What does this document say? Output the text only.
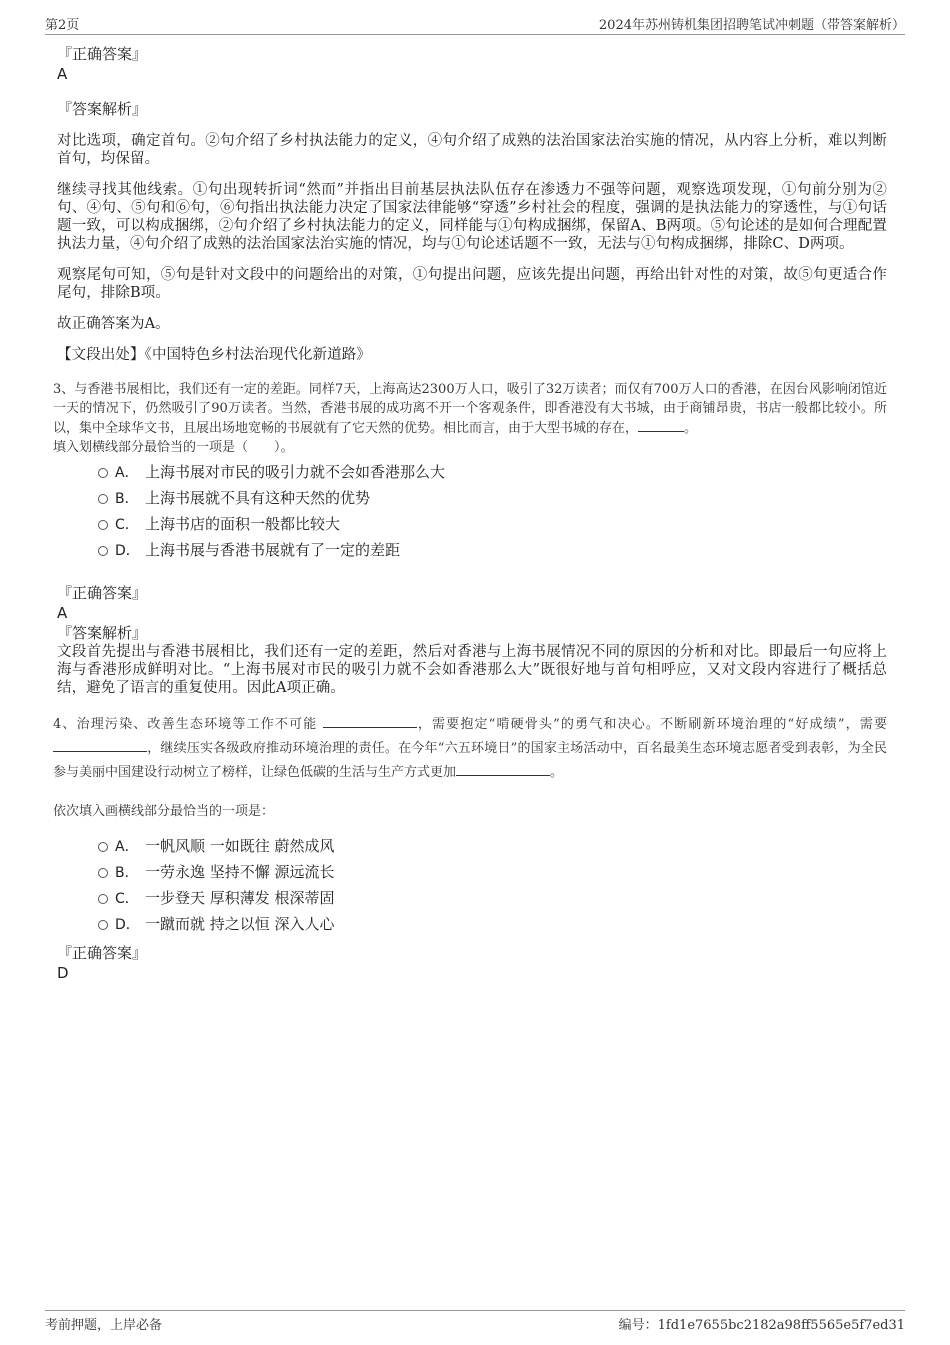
第2页	2024年苏州铸机集团招聘笔试冲刺题（带答案解析）

『正确答案』

A

『答案解析』

对比选项，确定首句。②句介绍了乡村执法能力的定义，④句介绍了成熟的法治国家法治实施的情况，从内容上分析，难以判断首句，均保留。

继续寻找其他线索。①句出现转折词“然而”并指出目前基层执法队伍存在渗透力不强等问题，观察选项发现，①句前分别为②句、④句、⑤句和⑥句，⑥句指出执法能力决定了国家法律能够“穿透”乡村社会的程度，强调的是执法能力的穿透性，与①句话题一致，可以构成捆绑，②句介绍了乡村执法能力的定义，同样能与①句构成捆绑，保留A、B两项。⑤句论述的是如何合理配置执法力量，④句介绍了成熟的法治国家法治实施的情况，均与①句论述话题不一致，无法与①句构成捆绑，排除C、D两项。

观察尾句可知，⑤句是针对文段中的问题给出的对策，①句提出问题，应该先提出问题，再给出针对性的对策，故⑤句更适合作尾句，排除B项。

故正确答案为A。

【文段出处】《中国特色乡村法治现代化新道路》

3、与香港书展相比，我们还有一定的差距。同样7天，上海高达2300万人口，吸引了32万读者；而仅有700万人口的香港，在因台风影响闭馆近一天的情况下，仍然吸引了90万读者。当然，香港书展的成功离不开一个客观条件，即香港没有大书城，由于商铺昂贵，书店一般都比较小。所以，集中全球华文书，且展出场地宽畅的书展就有了它天然的优势。相比而言，由于大型书城的存在，	。

填入划横线部分最恰当的一项是（　　）。

A． 上海书展对市民的吸引力就不会如香港那么大
B． 上海书展就不具有这种天然的优势
C． 上海书店的面积一般都比较大
D． 上海书展与香港书展就有了一定的差距

『正确答案』

A

『答案解析』

文段首先提出与香港书展相比，我们还有一定的差距，然后对香港与上海书展情况不同的原因的分析和对比。即最后一句应将上海与香港形成鲜明对比。“上海书展对市民的吸引力就不会如香港那么大”既很好地与首句相呼应，又对文段内容进行了概括总结，避免了语言的重复使用。因此A项正确。

4、治理污染、改善生态环境等工作不可能	，需要抱定“啃硬骨头”的勇气和决心。不断刷新环境治理的“好成绩”，需要，继续压实各级政府推动环境治理的责任。在今年“六五环境日”的国家主场活动中，百名最美生态环境志愿者受到表彰，为全民参与美丽中国建设行动树立了榜样，让绿色低碳的生活与生产方式更加	。

依次填入画横线部分最恰当的一项是：

A． 一帆风顺 一如既往 蔚然成风
B． 一劳永逸 坚持不懈 源远流长
C． 一步登天 厚积薄发 根深蒂固
D． 一蹴而就 持之以恒 深入人心

『正确答案』

D

考前押题，上岸必备	编号：1fd1e7655bc2182a98ff5565e5f7ed31
